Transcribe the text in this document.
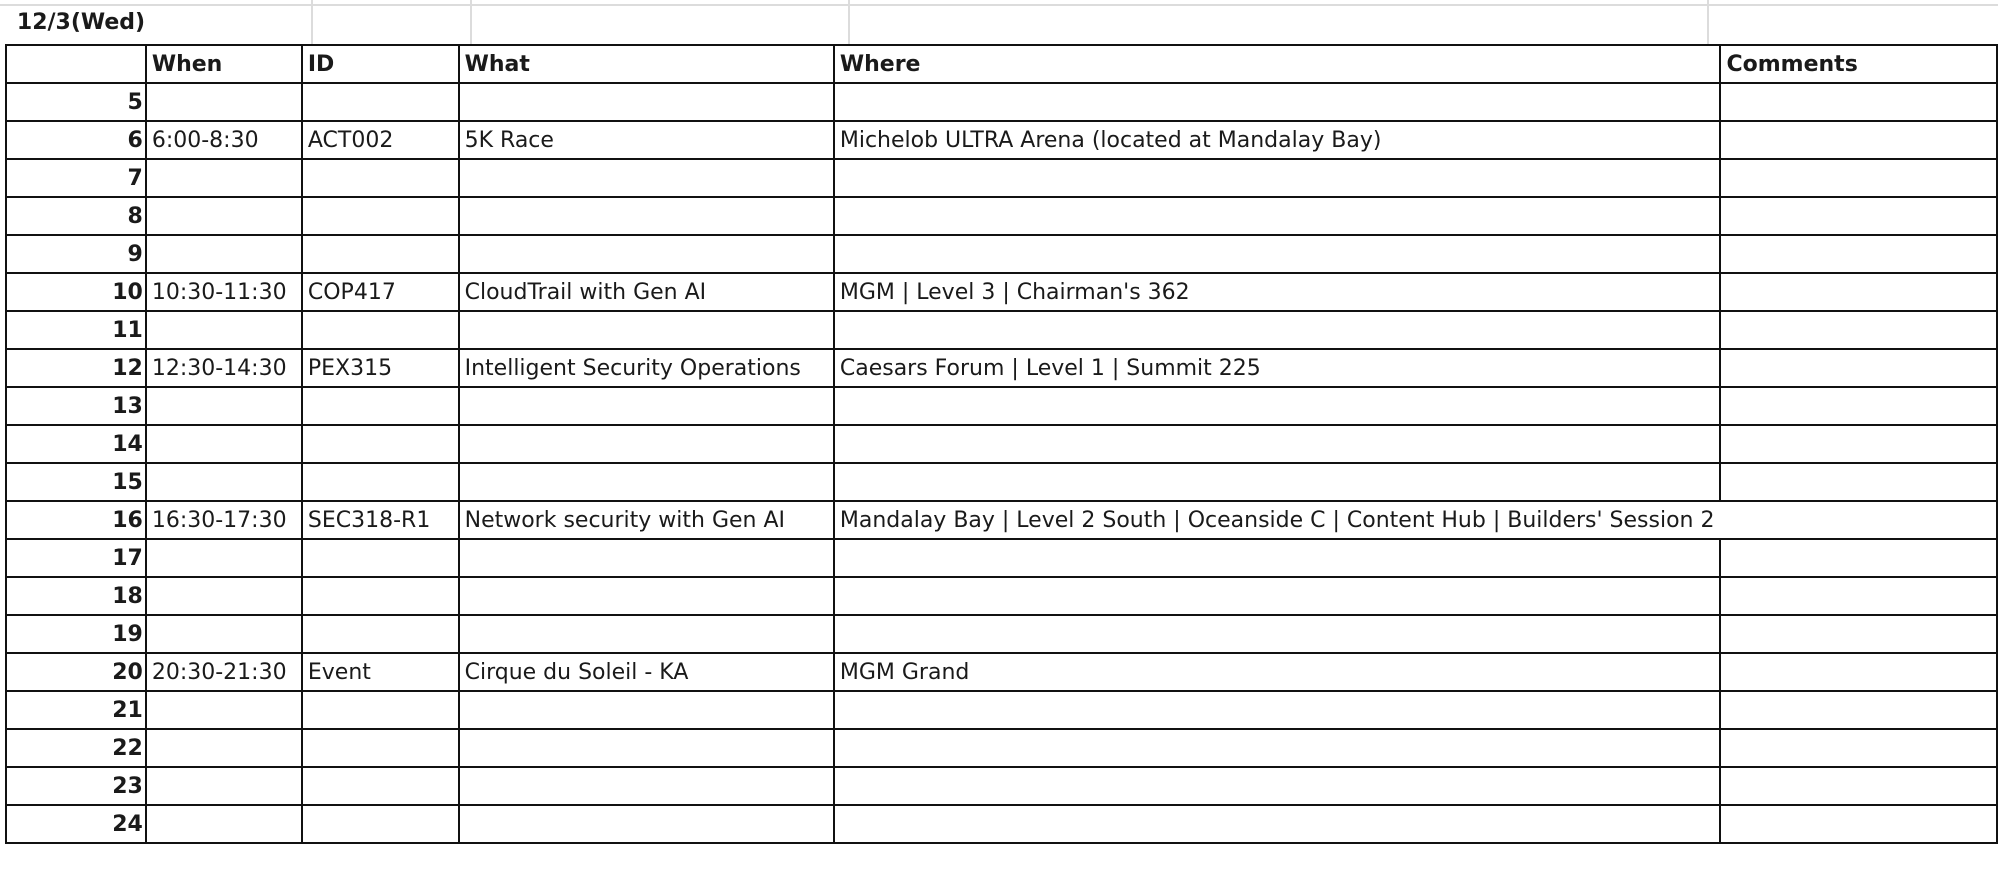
12/3(Wed)
	When	ID	What	Where	Comments
5					
6	6:00-8:30	ACT002	5K Race	Michelob ULTRA Arena (located at Mandalay Bay)	
7					
8					
9					
10	10:30-11:30	COP417	CloudTrail with Gen AI	MGM | Level 3 | Chairman's 362	
11					
12	12:30-14:30	PEX315	Intelligent Security Operations	Caesars Forum | Level 1 | Summit 225	
13					
14					
15					
16	16:30-17:30	SEC318-R1	Network security with Gen AI	Mandalay Bay | Level 2 South | Oceanside C | Content Hub | Builders' Session 2	
17					
18					
19					
20	20:30-21:30	Event	Cirque du Soleil - KA	MGM Grand	
21					
22					
23					
24					
